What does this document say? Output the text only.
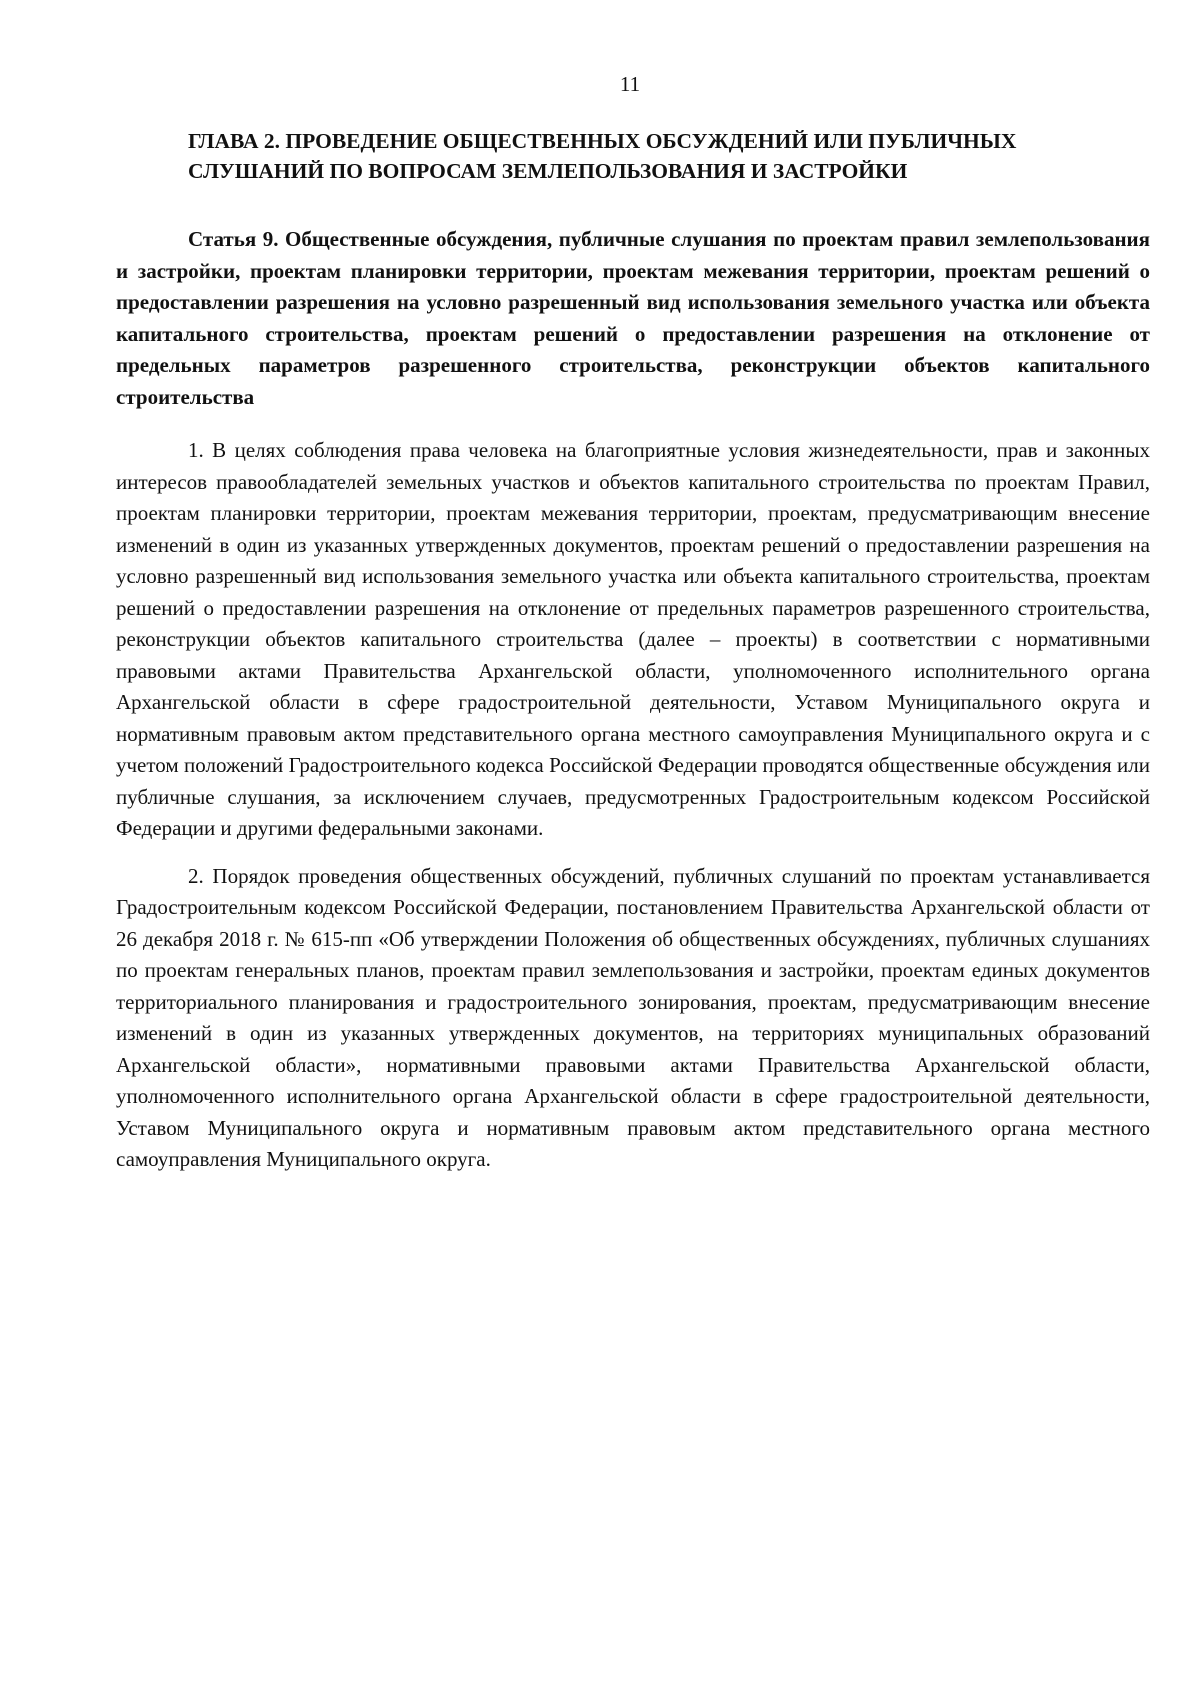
11
ГЛАВА 2. ПРОВЕДЕНИЕ ОБЩЕСТВЕННЫХ ОБСУЖДЕНИЙ ИЛИ ПУБЛИЧНЫХ СЛУШАНИЙ ПО ВОПРОСАМ ЗЕМЛЕПОЛЬЗОВАНИЯ И ЗАСТРОЙКИ
Статья 9. Общественные обсуждения, публичные слушания по проектам правил землепользования и застройки, проектам планировки территории, проектам межевания территории, проектам решений о предоставлении разрешения на условно разрешенный вид использования земельного участка или объекта капитального строительства, проектам решений о предоставлении разрешения на отклонение от предельных параметров разрешенного строительства, реконструкции объектов капитального строительства

1. В целях соблюдения права человека на благоприятные условия жизнедеятельности, прав и законных интересов правообладателей земельных участков и объектов капитального строительства по проектам Правил, проектам планировки территории, проектам межевания территории, проектам, предусматривающим внесение изменений в один из указанных утвержденных документов, проектам решений о предоставлении разрешения на условно разрешенный вид использования земельного участка или объекта капитального строительства, проектам решений о предоставлении разрешения на отклонение от предельных параметров разрешенного строительства, реконструкции объектов капитального строительства (далее – проекты) в соответствии с нормативными правовыми актами Правительства Архангельской области, уполномоченного исполнительного органа Архангельской области в сфере градостроительной деятельности, Уставом Муниципального округа и нормативным правовым актом представительного органа местного самоуправления Муниципального округа и с учетом положений Градостроительного кодекса Российской Федерации проводятся общественные обсуждения или публичные слушания, за исключением случаев, предусмотренных Градостроительным кодексом Российской Федерации и другими федеральными законами.

2. Порядок проведения общественных обсуждений, публичных слушаний по проектам устанавливается Градостроительным кодексом Российской Федерации, постановлением Правительства Архангельской области от 26 декабря 2018 г. № 615-пп «Об утверждении Положения об общественных обсуждениях, публичных слушаниях по проектам генеральных планов, проектам правил землепользования и застройки, проектам единых документов территориального планирования и градостроительного зонирования, проектам, предусматривающим внесение изменений в один из указанных утвержденных документов, на территориях муниципальных образований Архангельской области», нормативными правовыми актами Правительства Архангельской области, уполномоченного исполнительного органа Архангельской области в сфере градостроительной деятельности, Уставом Муниципального округа и нормативным правовым актом представительного органа местного самоуправления Муниципального округа.
